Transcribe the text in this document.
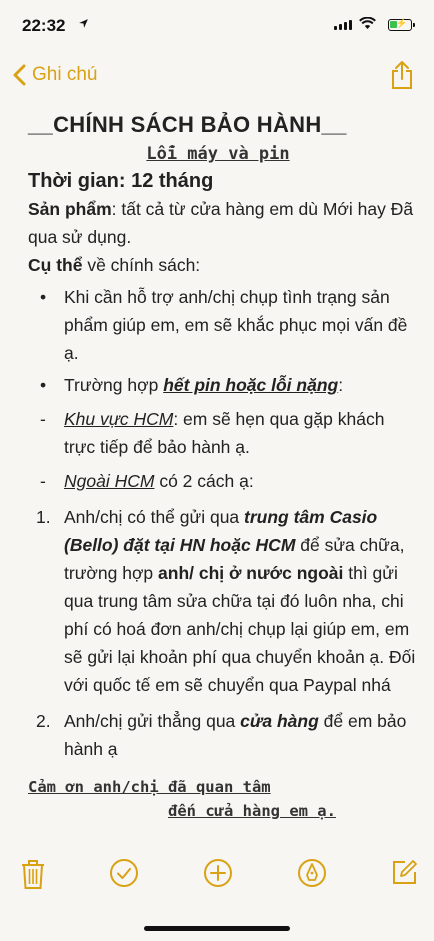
22:32	⚡
Ghi chú
__CHÍNH SÁCH BẢO HÀNH__
Lỗi máy và pin
Thời gian: 12 tháng

Sản phẩm: tất cả từ cửa hàng em dù Mới hay Đã qua sử dụng.

Cụ thể về chính sách:

• Khi cần hỗ trợ anh/chị chụp tình trạng sản phẩm giúp em, em sẽ khắc phục mọi vấn đề ạ.
• Trường hợp hết pin hoặc lỗi nặng:
- Khu vực HCM: em sẽ hẹn qua gặp khách trực tiếp để bảo hành ạ.
- Ngoài HCM có 2 cách ạ:
1. Anh/chị có thể gửi qua trung tâm Casio (Bello) đặt tại HN hoặc HCM để sửa chữa, trường hợp anh/ chị ở nước ngoài thì gửi qua trung tâm sửa chữa tại đó luôn nha, chi phí có hoá đơn anh/chị chụp lại giúp em, em sẽ gửi lại khoản phí qua chuyển khoản ạ. Đối với quốc tế em sẽ chuyển qua Paypal nhá
2. Anh/chị gửi thẳng qua cửa hàng để em bảo hành ạ
Cảm ơn anh/chị đã quan tâm
đến cửa hàng em ạ.
